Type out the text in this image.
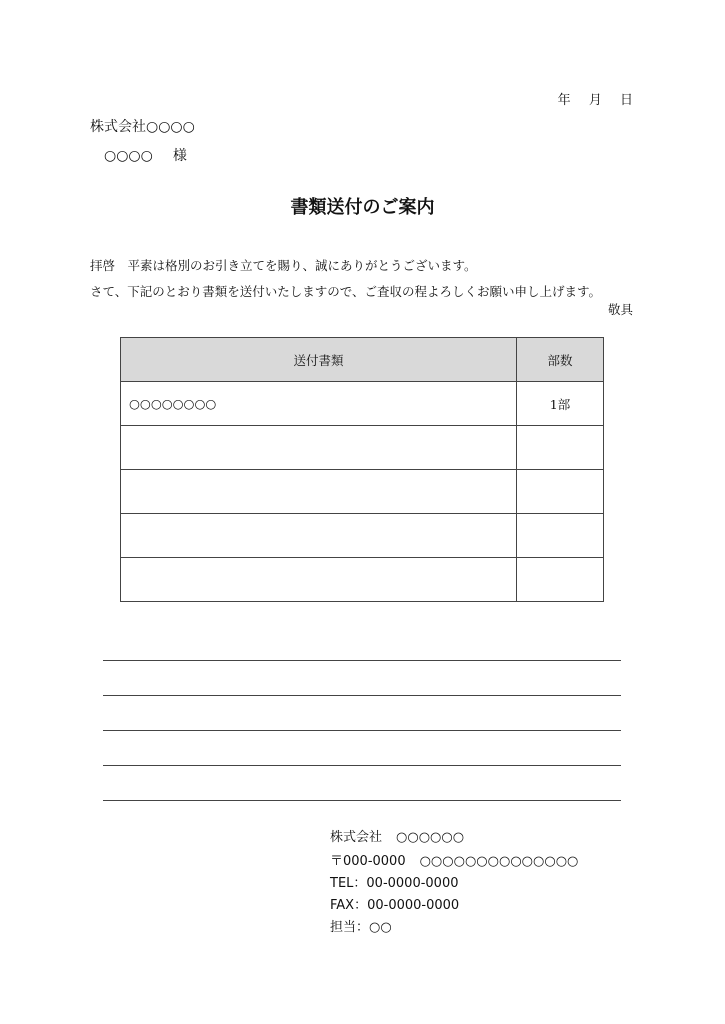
年 月 日
株式会社○○○○
○○○○ 様
書類送付のご案内
拝啓　平素は格別のお引き立てを賜り、誠にありがとうございます。
さて、下記のとおり書類を送付いたしますので、ご査収の程よろしくお願い申し上げます。
敬具
送付書類	部数
○○○○○○○○	1部

株式会社 ○○○○○○
〒000-0000 ○○○○○○○○○○○○○○
TEL：00-0000-0000
FAX：00-0000-0000
担当：○○
